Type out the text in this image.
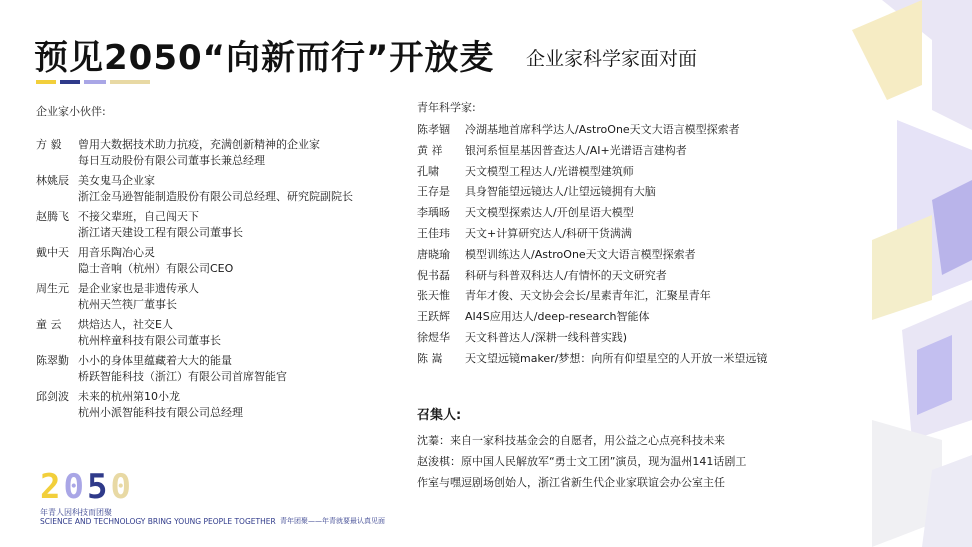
预见2050“向新而行”开放麦 企业家科学家面对面
企业家小伙伴:
方 毅	曾用大数据技术助力抗疫，充满创新精神的企业家
每日互动股份有限公司董事长兼总经理
林姚辰 美女鬼马企业家
浙江金马逊智能制造股份有限公司总经理、研究院副院长
赵腾飞 不接父辈班，自己闯天下
浙江诸天建设工程有限公司董事长
戴中天 用音乐陶冶心灵
隐士音响（杭州）有限公司CEO
周生元 是企业家也是非遗传承人
杭州天竺筷厂董事长
童 云	烘焙达人，社交E人
杭州梓童科技有限公司董事长
陈翠勤 小小的身体里蕴藏着大大的能量
桥跃智能科技（浙江）有限公司首席智能官
邱剑波 未来的杭州第10小龙
杭州小派智能科技有限公司总经理
青年科学家:
陈孝锢	冷湖基地首席科学达人/AstroOne天文大语言模型探索者
黄 祥	银河系恒星基因普查达人/AI+光谱语言建构者
孔啸	天文模型工程达人/光谱模型建筑师
王存是	具身智能望远镜达人/让望远镜拥有大脑
李瑀旸	天文模型探索达人/开创星语大模型
王佳玮	天文+计算研究达人/科研干货满满
唐晓瑜	模型训练达人/AstroOne天文大语言模型探索者
倪书磊	科研与科普双科达人/有情怀的天文研究者
张天惟	青年才俊、天文协会会长/星素青年汇，汇聚星青年
王跃辉	AI4S应用达人/deep-research智能体
徐煜华	天文科普达人/深耕一线科普实践)
陈 嵩	天文望远镜maker/梦想：向所有仰望星空的人开放一米望远镜
召集人:
沈蓁：来自一家科技基金会的自愿者，用公益之心点亮科技未来
赵浚棋：原中国人民解放军“勇士文工团”演员，现为温州141话剧工
作室与嘿逗剧场创始人，浙江省新生代企业家联谊会办公室主任
2 0 5 0
年青人因科技而团聚
SCIENCE AND TECHNOLOGY BRING YOUNG PEOPLE TOGETHER 青年团聚——年青就要最认真见面
